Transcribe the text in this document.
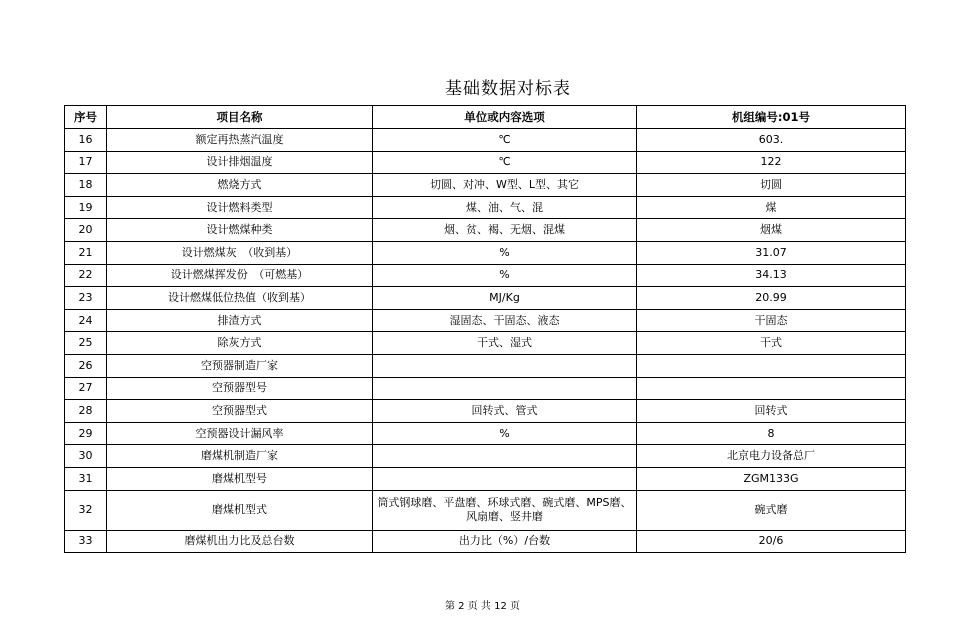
基础数据对标表
序号	项目名称	单位或内容选项	机组编号:01号
16	额定再热蒸汽温度	℃	603.
17	设计排烟温度	℃	122
18	燃烧方式	切圆、对冲、W型、L型、其它	切圆
19	设计燃料类型	煤、油、气、混	煤
20	设计燃煤种类	烟、贫、褐、无烟、混煤	烟煤
21	设计燃煤灰　（收到基）	%	31.07
22	设计燃煤挥发份　（可燃基）	%	34.13
23	设计燃煤低位热值（收到基）	MJ/Kg	20.99
24	排渣方式	湿固态、干固态、液态	干固态
25	除灰方式	干式、湿式	干式
26	空预器制造厂家		
27	空预器型号		
28	空预器型式	回转式、管式	回转式
29	空预器设计漏风率	%	8
30	磨煤机制造厂家		北京电力设备总厂
31	磨煤机型号		ZGM133G
32	磨煤机型式	筒式钢球磨、平盘磨、环球式磨、碗式磨、MPS磨、风扇磨、竖井磨	碗式磨
33	磨煤机出力比及总台数	出力比（%）/台数	20/6
第 2 页 共 12 页
